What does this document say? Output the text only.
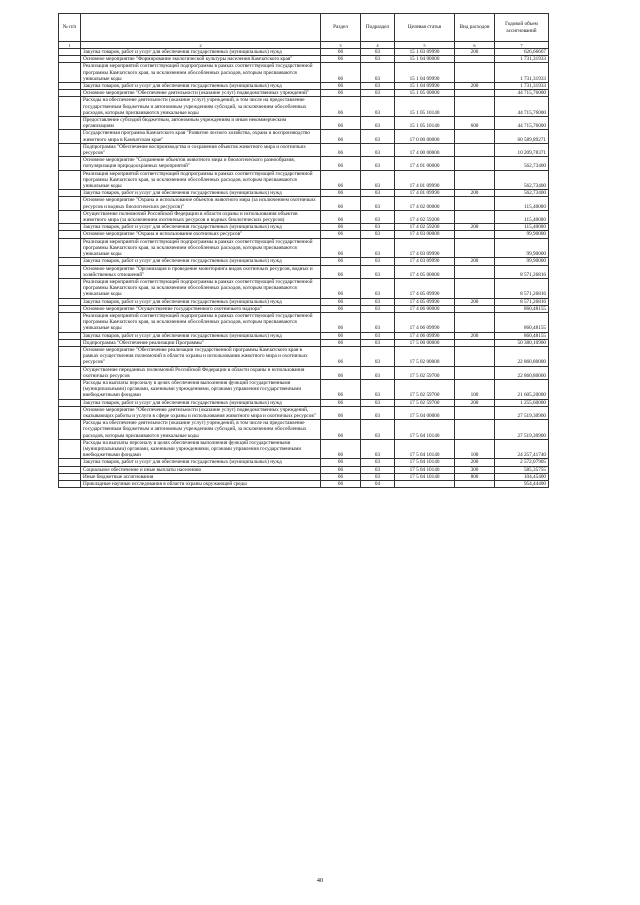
№ п/п		Раздел	Подраздел	Целевая статья	Вид расходов	Годовой объем ассигнований
1	2	3	4	5	6	7
	Закупка товаров, работ и услуг для обеспечения государственных (муниципальных) нужд	06	03	15 1 03 09990	200	626,66667
	Основное мероприятие "Формирование экологической культуры населения Камчатского края"	06	03	15 1 04 00000		1 731,31933
	Реализация мероприятий соответствующей подпрограммы в рамках соответствующей государственной программы Камчатского края, за исключением обособленных расходов, которым присваиваются уникальные коды	06	03	15 1 04 09990		1 731,31933
	Закупка товаров, работ и услуг для обеспечения государственных (муниципальных) нужд	06	03	15 1 04 09990	200	1 731,31933
	Основное мероприятие "Обеспечение деятельности (оказание услуг) подведомственных учреждений"	06	03	15 1 05 00000		44 715,76000
	Расходы на обеспечение деятельности (оказание услуг) учреждений, в том числе на предоставление государственным бюджетным и автономным учреждениям субсидий, за исключением обособленных расходов, которым присваиваются уникальные коды	06	03	15 1 05 10140		44 715,76000
	Предоставление субсидий бюджетным, автономным учреждениям и иным некоммерческим организациям	06	03	15 1 05 10140	600	44 715,76000
	Государственная программа Камчатского края "Развитие лесного хозяйства, охрана и воспроизводство животного мира в Камчатском крае"	06	03	17 0 00 00000		60 589,89271
	Подпрограмма "Обеспечение воспроизводства и сохранения объектов животного мира и охотничьих ресурсов"	06	03	17 4 00 00000		10 209,78371
	Основное мероприятие "Сохранение объектов животного мира и биологического разнообразия, популяризация природоохранных мероприятий"	06	03	17 4 01 00000		562,73400
	Реализация мероприятий соответствующей подпрограммы в рамках соответствующей государственной программы Камчатского края, за исключением обособленных расходов, которым присваиваются уникальные коды	06	03	17 4 01 09990		562,73400
	Закупка товаров, работ и услуг для обеспечения государственных (муниципальных) нужд	06	03	17 4 01 09990	200	562,73400
	Основное мероприятие "Охрана и использование объектов животного мира (за исключением охотничьих ресурсов и водных биологических ресурсов)"	06	03	17 4 02 00000		115,40000
	Осуществление полномочий Российской Федерации в области охраны и использования объектов животного мира (за исключением охотничьих ресурсов и водных биологических ресурсов)	06	03	17 4 02 59200		115,40000
	Закупка товаров, работ и услуг для обеспечения государственных (муниципальных) нужд	06	03	17 4 02 59200	200	115,40000
	Основное мероприятие "Охрана и использование охотничьих ресурсов"	06	03	17 4 03 00000		99,90000
	Реализация мероприятий соответствующей подпрограммы в рамках соответствующей государственной программы Камчатского края, за исключением обособленных расходов, которым присваиваются уникальные коды	06	03	17 4 03 09990		99,90000
	Закупка товаров, работ и услуг для обеспечения государственных (муниципальных) нужд	06	03	17 4 03 09990	200	99,90000
	Основное мероприятие "Организация и проведение мониторинга видов охотничьих ресурсов, водных и хозяйственных отношений"	06	03	17 4 05 00000		8 571,26816
	Реализация мероприятий соответствующей подпрограммы в рамках соответствующей государственной программы Камчатского края, за исключением обособленных расходов, которым присваиваются уникальные коды	06	03	17 4 05 09990		8 571,26816
	Закупка товаров, работ и услуг для обеспечения государственных (муниципальных) нужд	06	03	17 4 05 09990	200	8 571,26816
	Основное мероприятие "Осуществление государственного охотничьего надзора"	06	03	17 4 06 00000		860,48155
	Реализация мероприятий соответствующей подпрограммы в рамках соответствующей государственной программы Камчатского края, за исключением обособленных расходов, которым присваиваются уникальные коды	06	03	17 4 06 09990		860,48155
	Закупка товаров, работ и услуг для обеспечения государственных (муниципальных) нужд	06	03	17 4 06 09990	200	860,48155
	Подпрограмма "Обеспечение реализации Программы"	06	03	17 5 00 00000		50 380,10900
	Основное мероприятие "Обеспечение реализации государственной программы Камчатского края в рамках осуществления полномочий в области охраны и использования животного мира и охотничьих ресурсов"	06	03	17 5 02 00000		22 860,80000
	Осуществление переданных полномочий Российской Федерации в области охраны и использования охотничьих ресурсов	06	03	17 5 02 59700		22 860,80000
	Расходы на выплаты персоналу в целях обеспечения выполнения функций государственными (муниципальными) органами, казенными учреждениями, органами управления государственными внебюджетными фондами	06	03	17 5 02 59700	100	21 605,20000
	Закупка товаров, работ и услуг для обеспечения государственных (муниципальных) нужд	06	03	17 5 02 59700	200	1 255,60000
	Основное мероприятие "Обеспечение деятельности (оказание услуг) подведомственных учреждений, оказывающих работы и услуги в сфере охраны и использования животного мира и охотничьих ресурсов"	06	03	17 5 04 00000		27 519,30900
	Расходы на обеспечение деятельности (оказание услуг) учреждений, в том числе на предоставление государственным бюджетным и автономным учреждениям субсидий, за исключением обособленных расходов, которым присваиваются уникальные коды	06	03	17 5 04 10140		27 519,30900
	Расходы на выплаты персоналу в целях обеспечения выполнения функций государственными (муниципальными) органами, казенными учреждениями, органами управления государственными внебюджетными фондами	06	03	17 5 04 10140	100	24 257,41740
	Закупка товаров, работ и услуг для обеспечения государственных (муниципальных) нужд	06	03	17 5 04 10140	200	2 572,07905
	Социальное обеспечение и иные выплаты населению	06	03	17 5 04 10140	300	585,35755
	Иные бюджетные ассигнования	06	03	17 5 04 10140	800	104,45400
	Прикладные научные исследования в области охраны окружающей среды	06	04			954,44400
40
